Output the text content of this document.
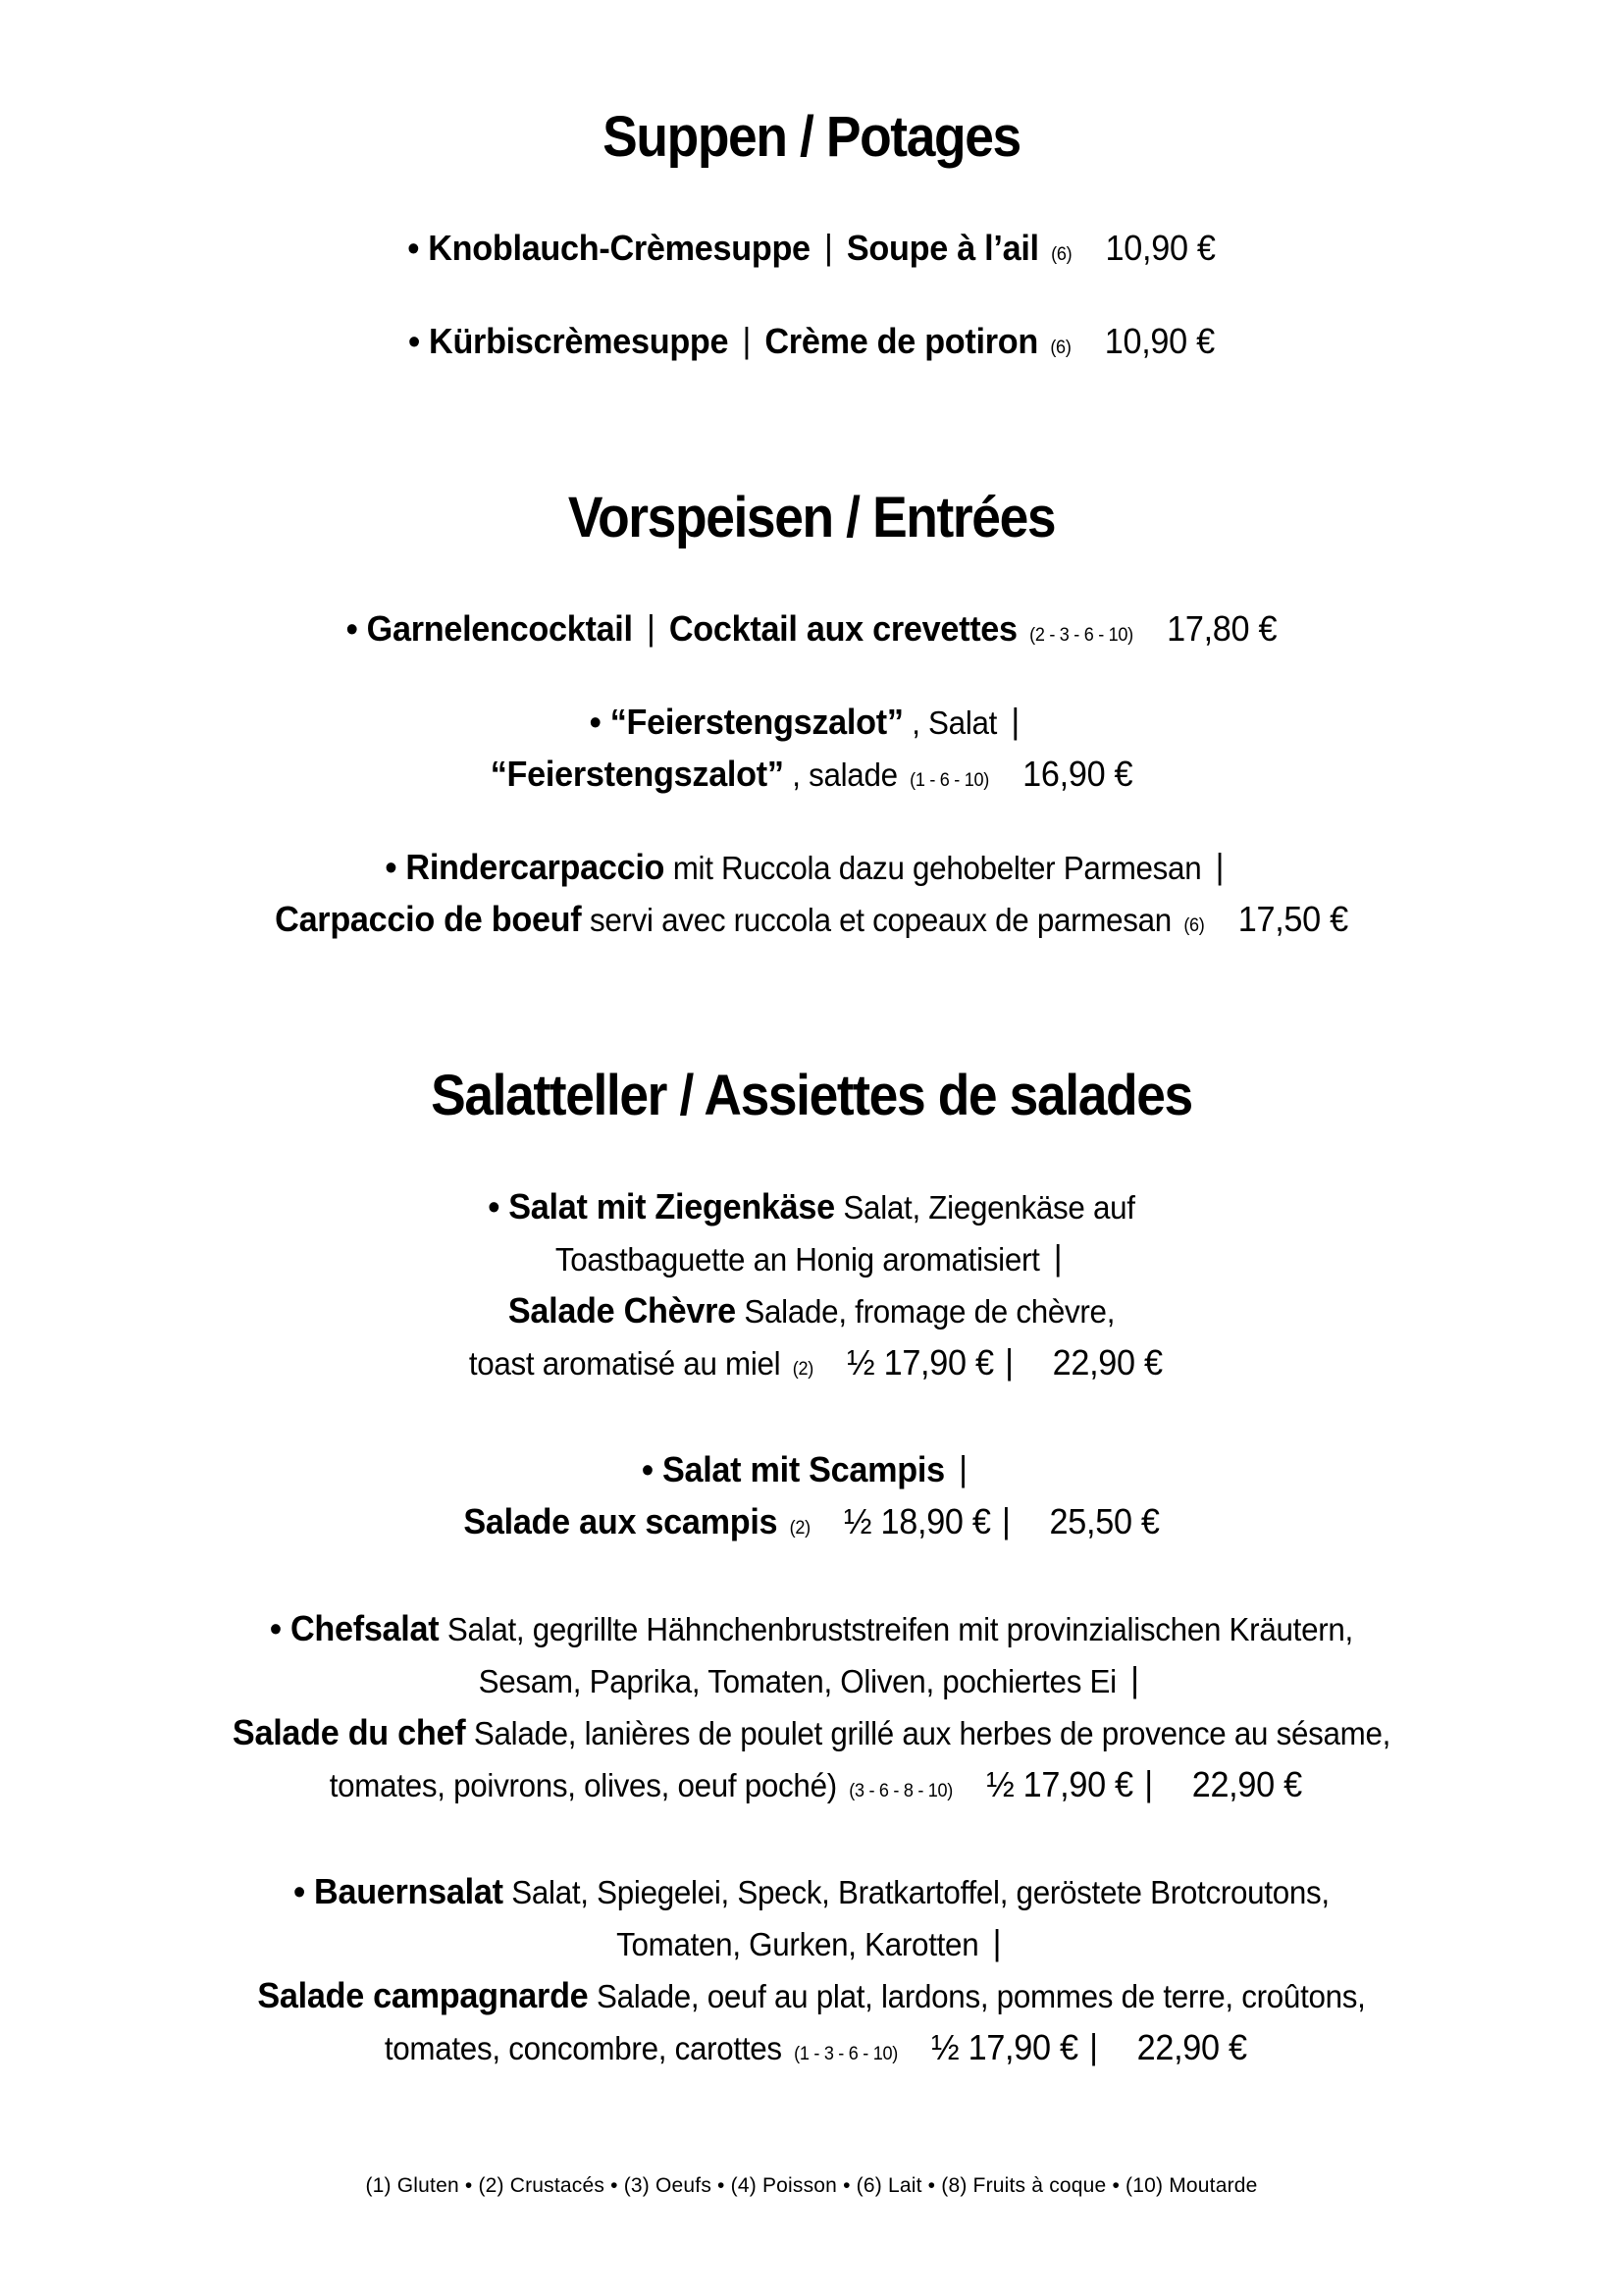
Suppen / Potages
• Knoblauch-Crèmesuppe | Soupe à l’ail (6) 10,90 €
• Kürbiscrèmesuppe | Crème de potiron (6) 10,90 €
Vorspeisen / Entrées
• Garnelencocktail | Cocktail aux crevettes (2 - 3 - 6 - 10) 17,80 €
• “Feierstengszalot” , Salat |
“Feierstengszalot” , salade (1 - 6 - 10) 16,90 €
• Rindercarpaccio mit Ruccola dazu gehobelter Parmesan |
Carpaccio de boeuf servi avec ruccola et copeaux de parmesan (6) 17,50 €
Salatteller / Assiettes de salades
• Salat mit Ziegenkäse Salat, Ziegenkäse auf
Toastbaguette an Honig aromatisiert |
Salade Chèvre Salade, fromage de chèvre,
toast aromatisé au miel (2) ½ 17,90 € | 22,90 €
• Salat mit Scampis |
Salade aux scampis (2) ½ 18,90 € | 25,50 €
• Chefsalat Salat, gegrillte Hähnchenbruststreifen mit provinzialischen Kräutern,
Sesam, Paprika, Tomaten, Oliven, pochiertes Ei |
Salade du chef Salade, lanières de poulet grillé aux herbes de provence au sésame,
tomates, poivrons, olives, oeuf poché) (3 - 6 - 8 - 10) ½ 17,90 € | 22,90 €
• Bauernsalat Salat, Spiegelei, Speck, Bratkartoffel, geröstete Brotcroutons,
Tomaten, Gurken, Karotten |
Salade campagnarde Salade, oeuf au plat, lardons, pommes de terre, croûtons,
tomates, concombre, carottes (1 - 3 - 6 - 10) ½ 17,90 € | 22,90 €
(1) Gluten • (2) Crustacés • (3) Oeufs • (4) Poisson • (6) Lait • (8) Fruits à coque • (10) Moutarde
